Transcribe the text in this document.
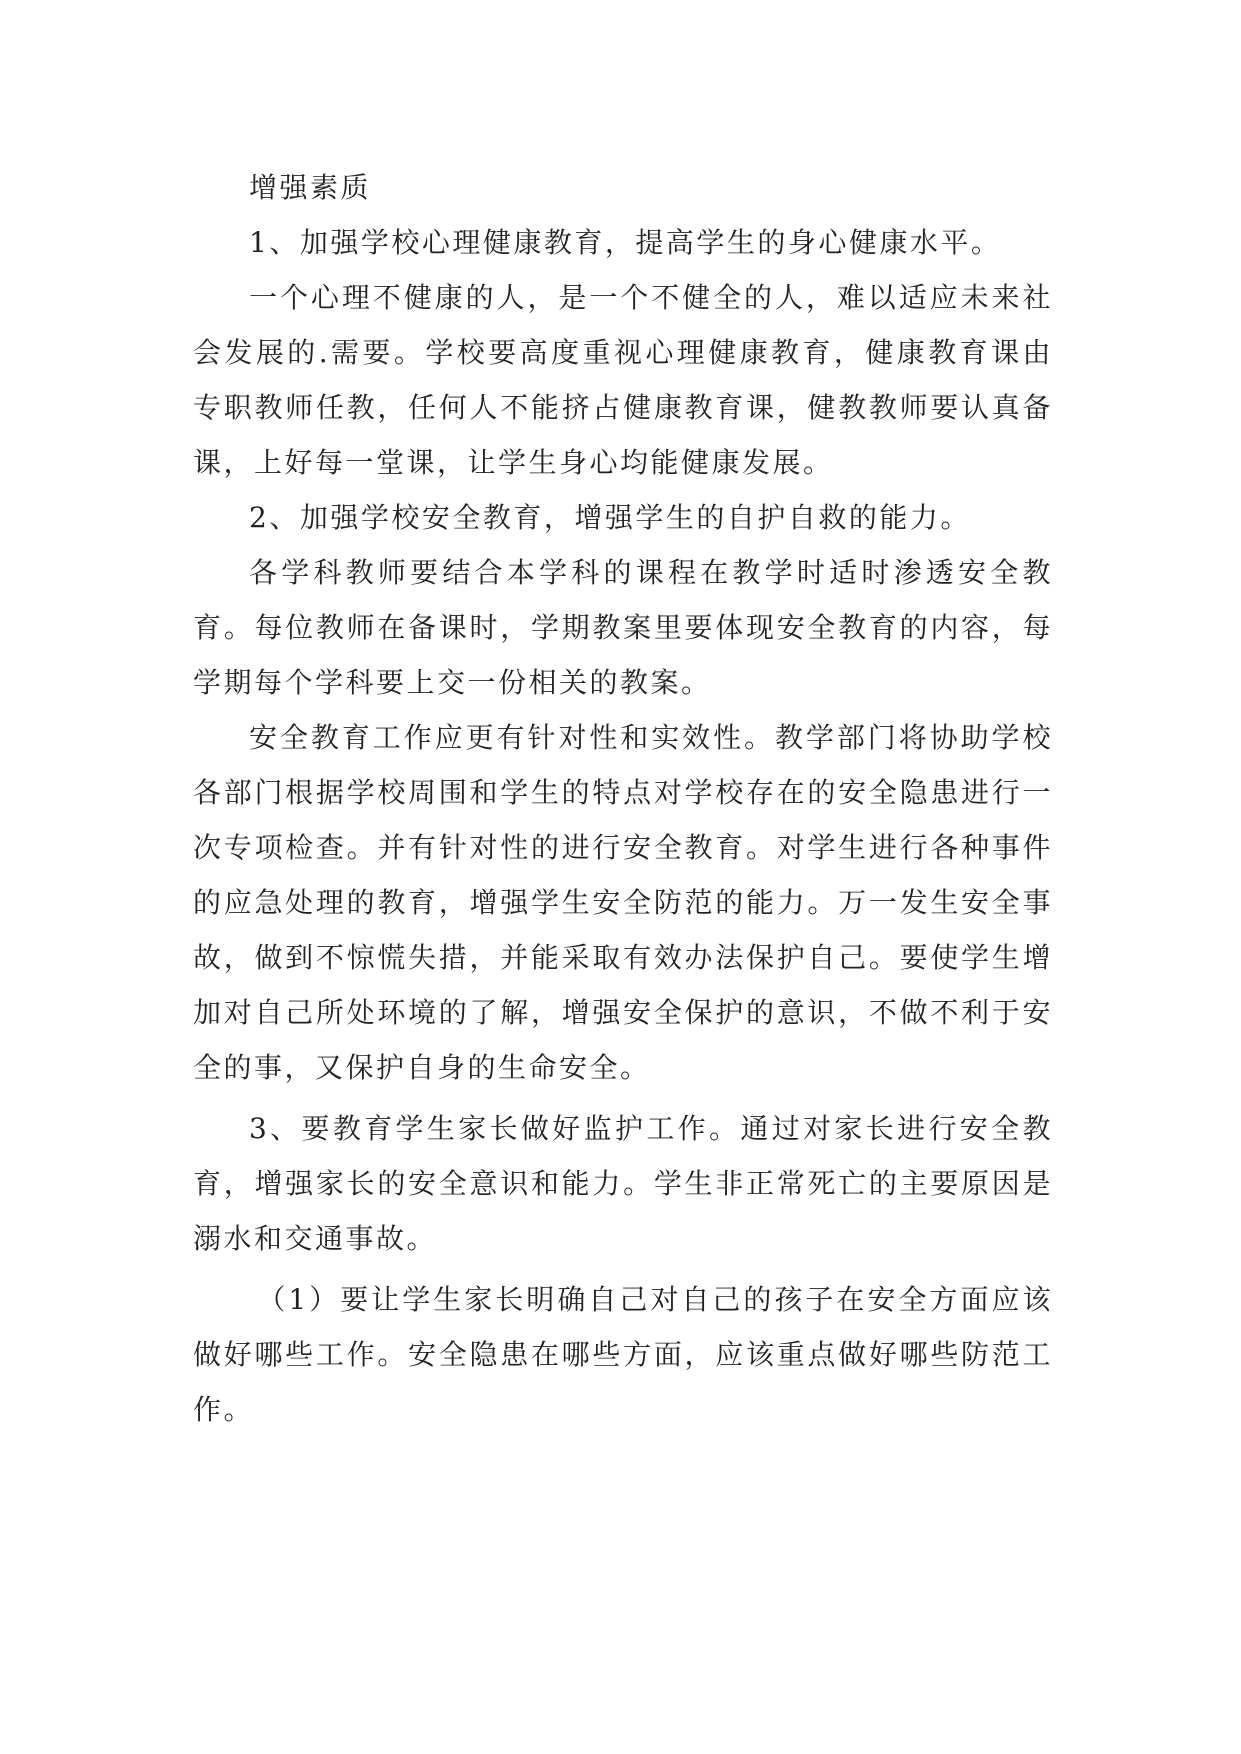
增强素质

1、加强学校心理健康教育，提高学生的身心健康水平。

一个心理不健康的人，是一个不健全的人，难以适应未来社会发展的.需要。学校要高度重视心理健康教育，健康教育课由专职教师任教，任何人不能挤占健康教育课，健教教师要认真备课，上好每一堂课，让学生身心均能健康发展。

2、加强学校安全教育，增强学生的自护自救的能力。

各学科教师要结合本学科的课程在教学时适时渗透安全教育。每位教师在备课时，学期教案里要体现安全教育的内容，每学期每个学科要上交一份相关的教案。

安全教育工作应更有针对性和实效性。教学部门将协助学校各部门根据学校周围和学生的特点对学校存在的安全隐患进行一次专项检查。并有针对性的进行安全教育。对学生进行各种事件的应急处理的教育，增强学生安全防范的能力。万一发生安全事故，做到不惊慌失措，并能采取有效办法保护自己。要使学生增加对自己所处环境的了解，增强安全保护的意识，不做不利于安全的事，又保护自身的生命安全。

3、要教育学生家长做好监护工作。通过对家长进行安全教育，增强家长的安全意识和能力。学生非正常死亡的主要原因是溺水和交通事故。

（1）要让学生家长明确自己对自己的孩子在安全方面应该做好哪些工作。安全隐患在哪些方面，应该重点做好哪些防范工作。
